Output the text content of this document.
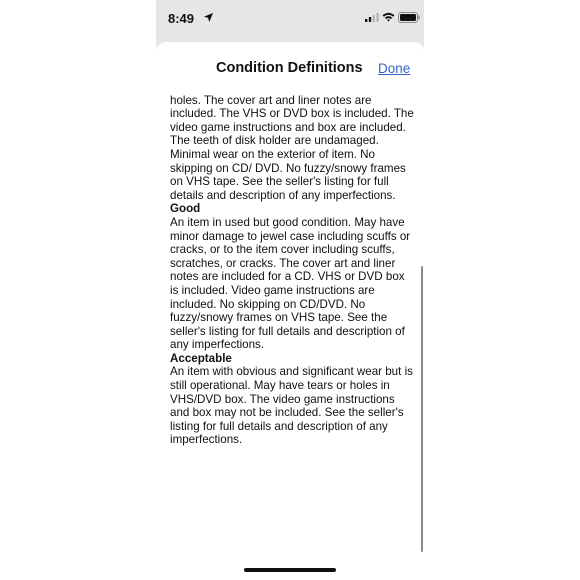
8:49
Condition Definitions Done

holes. The cover art and liner notes are included. The VHS or DVD box is included. The video game instructions and box are included. The teeth of disk holder are undamaged. Minimal wear on the exterior of item. No skipping on CD/ DVD. No fuzzy/snowy frames on VHS tape. See the seller's listing for full details and description of any imperfections.

Good

An item in used but good condition. May have minor damage to jewel case including scuffs or cracks, or to the item cover including scuffs, scratches, or cracks. The cover art and liner notes are included for a CD. VHS or DVD box is included. Video game instructions are included. No skipping on CD/DVD. No fuzzy/snowy frames on VHS tape. See the seller's listing for full details and description of any imperfections.

Acceptable

An item with obvious and significant wear but is still operational. May have tears or holes in VHS/DVD box. The video game instructions and box may not be included. See the seller's listing for full details and description of any imperfections.
